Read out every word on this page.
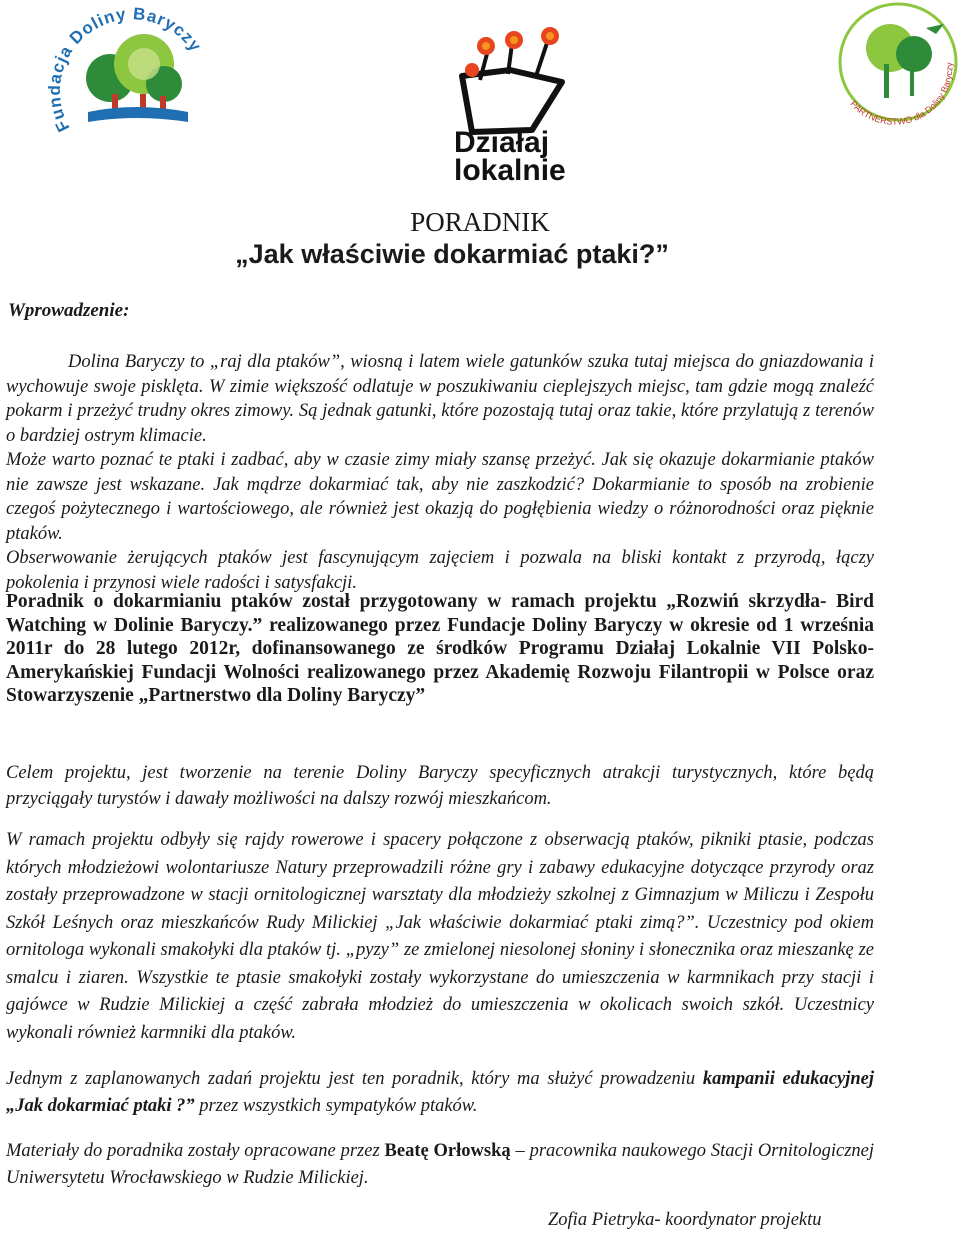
Fu cja Doliny Baryczy
Działaj
lokalnie
PARTNERSTWO dla Doliny Baryczy
PORADNIK
„Jak właściwie dokarmiać ptaki?”
Wprowadzenie:
Dolina Baryczy to „raj dla ptaków”, wiosną i latem wiele gatunków szuka tutaj miejsca do gniazdowania i wychowuje swoje pisklęta. W zimie większość odlatuje w poszukiwaniu cieplejszych miejsc, tam gdzie mogą znaleźć pokarm i przeżyć trudny okres zimowy. Są jednak gatunki, które pozostają tutaj oraz takie, które przylatują z terenów o bardziej ostrym klimacie.
Może warto poznać te ptaki i zadbać, aby w czasie zimy miały szansę przeżyć. Jak się okazuje dokarmianie ptaków nie zawsze jest wskazane. Jak mądrze dokarmiać tak, aby nie zaszkodzić? Dokarmianie to sposób na zrobienie czegoś pożytecznego i wartościowego, ale również jest okazją do pogłębienia wiedzy o różnorodności oraz pięknie ptaków.
Obserwowanie żerujących ptaków jest fascynującym zajęciem i pozwala na bliski kontakt z przyrodą, łączy pokolenia i przynosi wiele radości i satysfakcji.
Poradnik o dokarmianiu ptaków został przygotowany w ramach projektu „Rozwiń skrzydła- Bird Watching w Dolinie Baryczy.” realizowanego przez Fundacje Doliny Baryczy w okresie od 1 września 2011r do 28 lutego 2012r, dofinansowanego ze środków Programu Działaj Lokalnie VII Polsko- Amerykańskiej Fundacji Wolności realizowanego przez Akademię Rozwoju Filantropii w Polsce oraz Stowarzyszenie „Partnerstwo dla Doliny Baryczy”
Celem projektu, jest tworzenie na terenie Doliny Baryczy specyficznych atrakcji turystycznych, które będą przyciągały turystów i dawały możliwości na dalszy rozwój mieszkańcom.
W ramach projektu odbyły się rajdy rowerowe i spacery połączone z obserwacją ptaków, pikniki ptasie, podczas których młodzieżowi wolontariusze Natury przeprowadzili różne gry i zabawy edukacyjne dotyczące przyrody oraz zostały przeprowadzone w stacji ornitologicznej warsztaty dla młodzieży szkolnej z Gimnazjum w Miliczu i Zespołu Szkół Leśnych oraz mieszkańców Rudy Milickiej „Jak właściwie dokarmiać ptaki zimą?”. Uczestnicy pod okiem ornitologa wykonali smakołyki dla ptaków tj. „pyzy” ze zmielonej niesolonej słoniny i słonecznika oraz mieszankę ze smalcu i ziaren. Wszystkie te ptasie smakołyki zostały wykorzystane do umieszczenia w karmnikach przy stacji i gajówce w Rudzie Milickiej a część zabrała młodzież do umieszczenia w okolicach swoich szkół. Uczestnicy wykonali również karmniki dla ptaków.
Jednym z zaplanowanych zadań projektu jest ten poradnik, który ma służyć prowadzeniu kampanii edukacyjnej „Jak dokarmiać ptaki ?” przez wszystkich sympatyków ptaków.
Materiały do poradnika zostały opracowane przez Beatę Orłowską – pracownika naukowego Stacji Ornitologicznej Uniwersytetu Wrocławskiego w Rudzie Milickiej.
Zofia Pietryka- koordynator projektu
